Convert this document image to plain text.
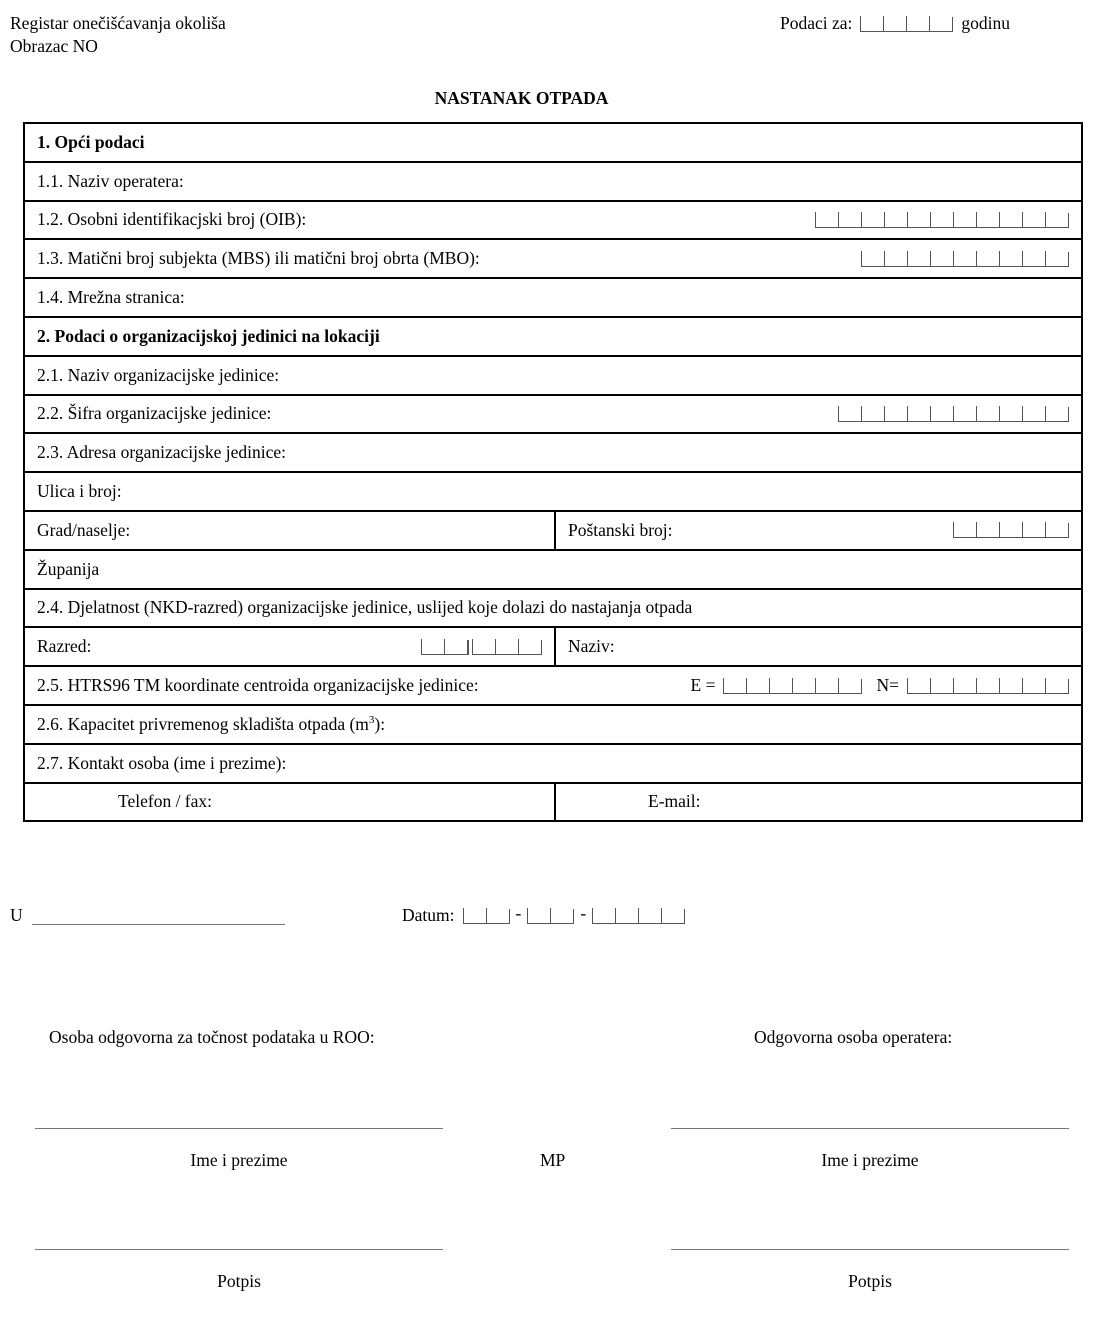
Registar onečišćavanja okoliša
Obrazac NO
Podaci za:	godinu
NASTANAK OTPADA
1. Opći podaci	
1.1. Naziv operatera:	

1.2. Osobni identifikacjski broj (OIB):	

1.3. Matični broj subjekta (MBS) ili matični broj obrta (MBO):	

1.4. Mrežna stranica:	
2. Podaci o organizacijskoj jedinici na lokaciji	
2.1. Naziv organizacijske jedinice:	

2.2. Šifra organizacijske jedinice:	

2.3. Adresa organizacijske jedinice:	
Ulica i broj:	
Grad/naselje:	Poštanski broj:

Županija	
2.4. Djelatnost (NKD-razred) organizacijske jedinice, uslijed koje dolazi do nastajanja otpada	

Razred:	Naziv:

2.5. HTRS96 TM koordinate centroida organizacijske jedinice: E = N=	

2.6. Kapacitet privremenog skladišta otpada $(m^3)$:	
2.7. Kontakt osoba (ime i prezime):	
Telefon / fax:	E-mail:
U	Datum:	-	-
Osoba odgovorna za točnost podataka u ROO:	Odgovorna osoba operatera:
Ime i prezime	MP	Ime i prezime
Potpis	Potpis
